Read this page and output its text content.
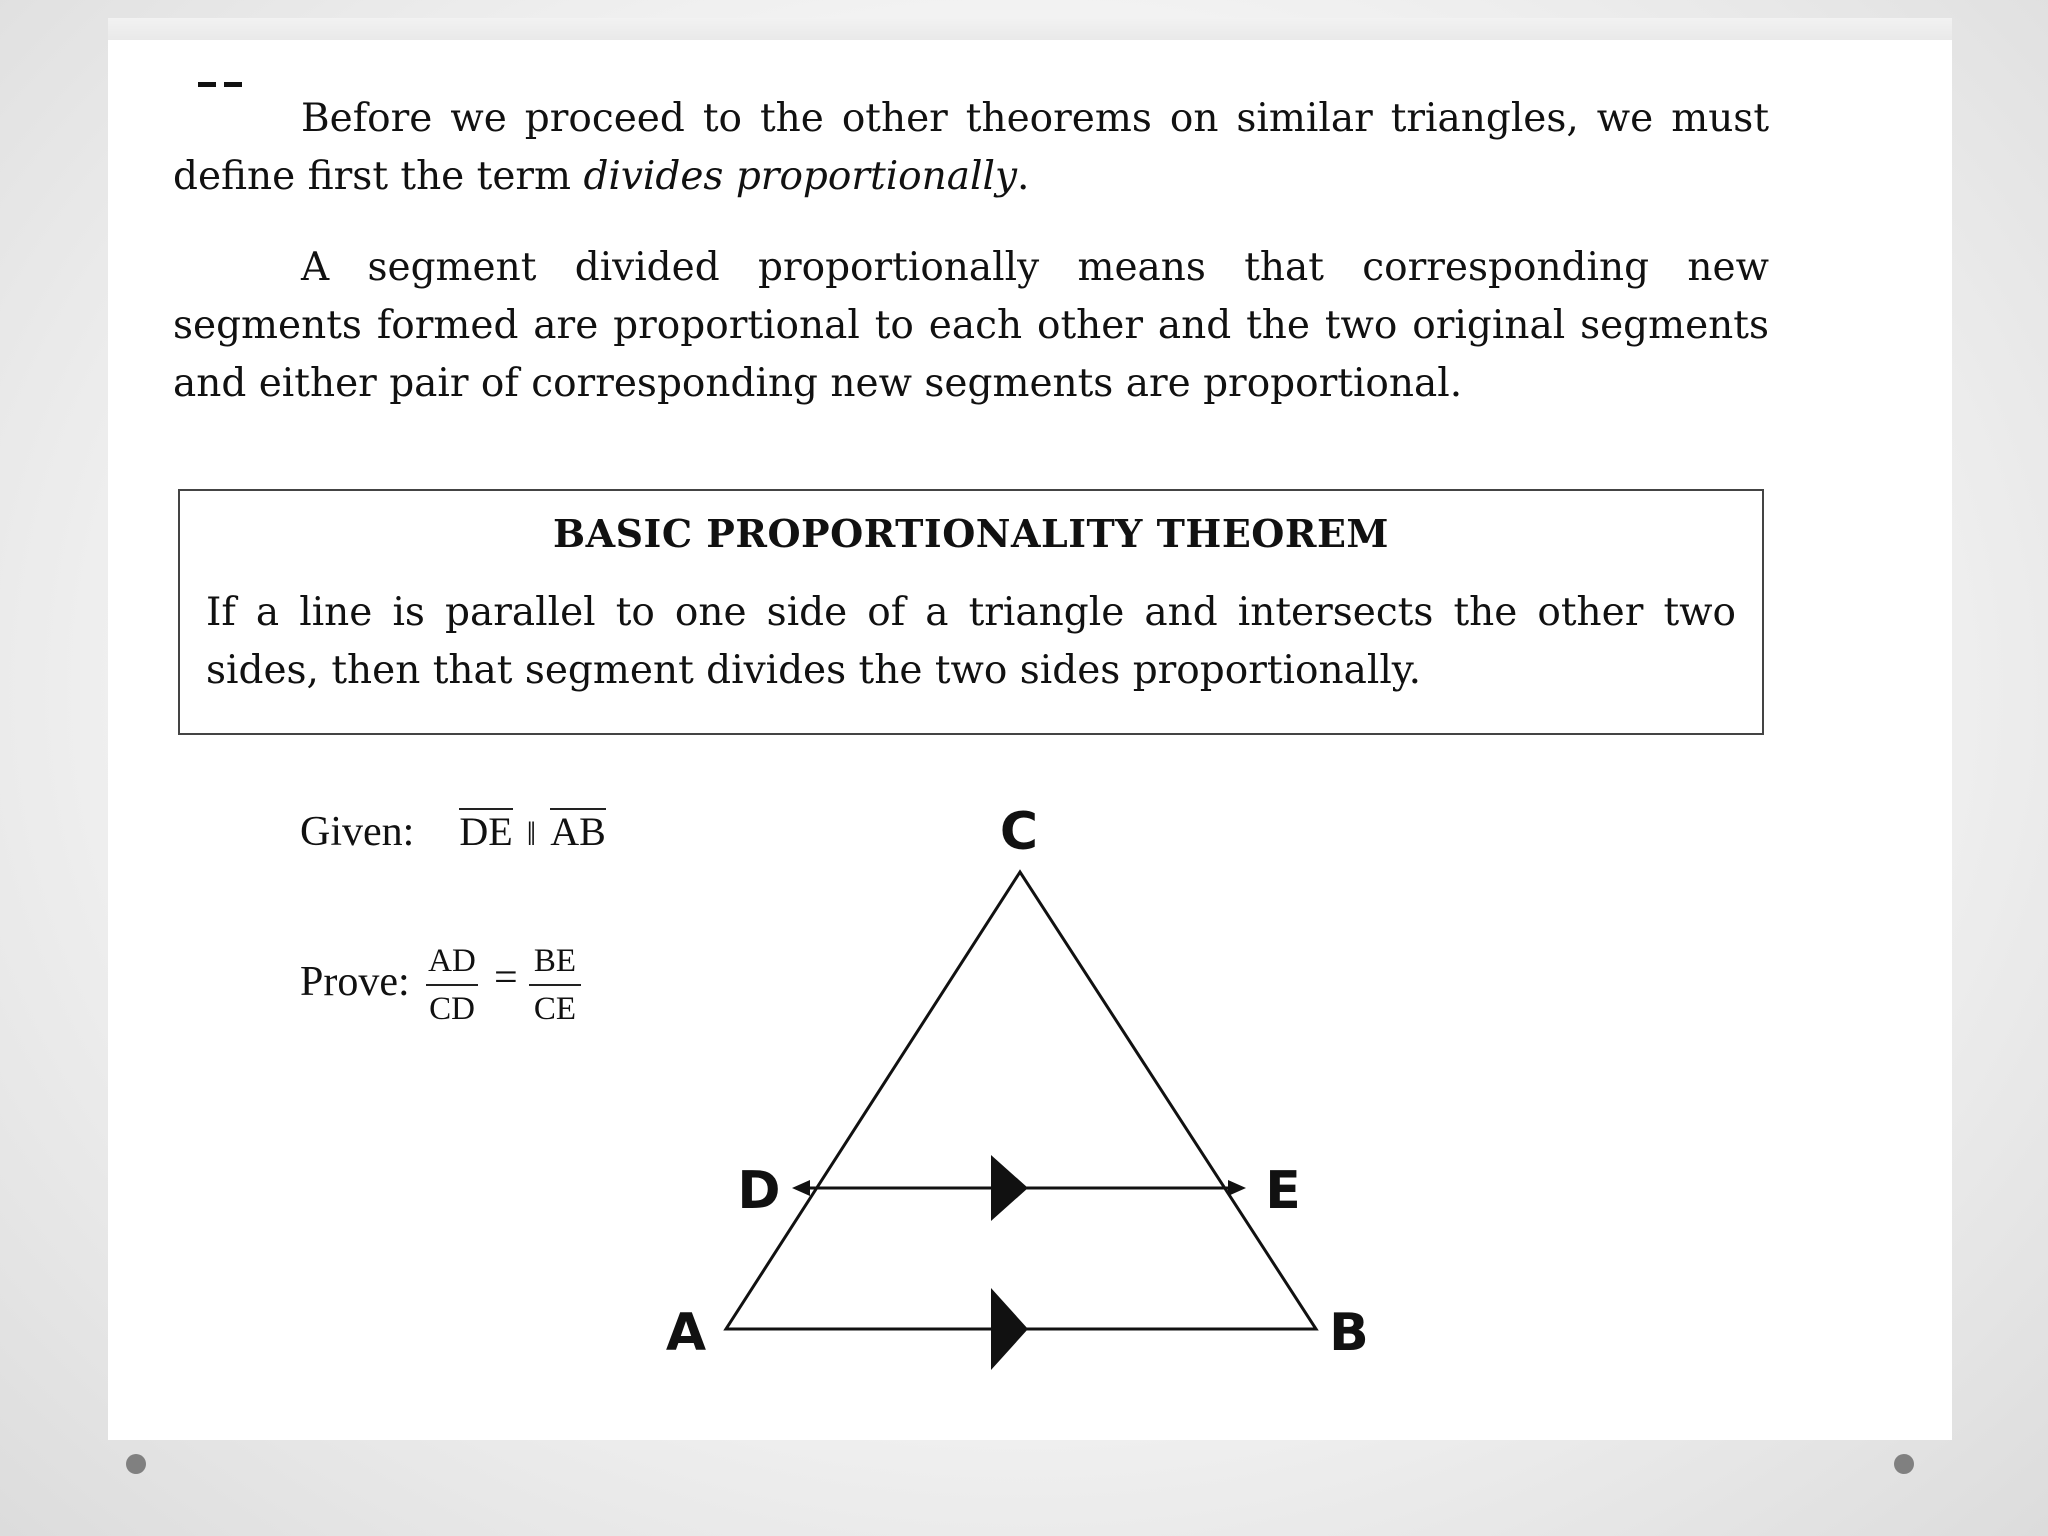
Before we proceed to the other theorems on similar triangles, we must define first the term divides proportionally.

A segment divided proportionally means that corresponding new segments formed are proportional to each other and the two original segments and either pair of corresponding new segments are proportional.

BASIC PROPORTIONALITY THEOREM

If a line is parallel to one side of a triangle and intersects the other two sides, then that segment divides the two sides proportionally.

Given: DE ‖ AB
Prove: $\frac{AD}{CD} = \frac{BE}{CE}$
C
D	E
A	B
